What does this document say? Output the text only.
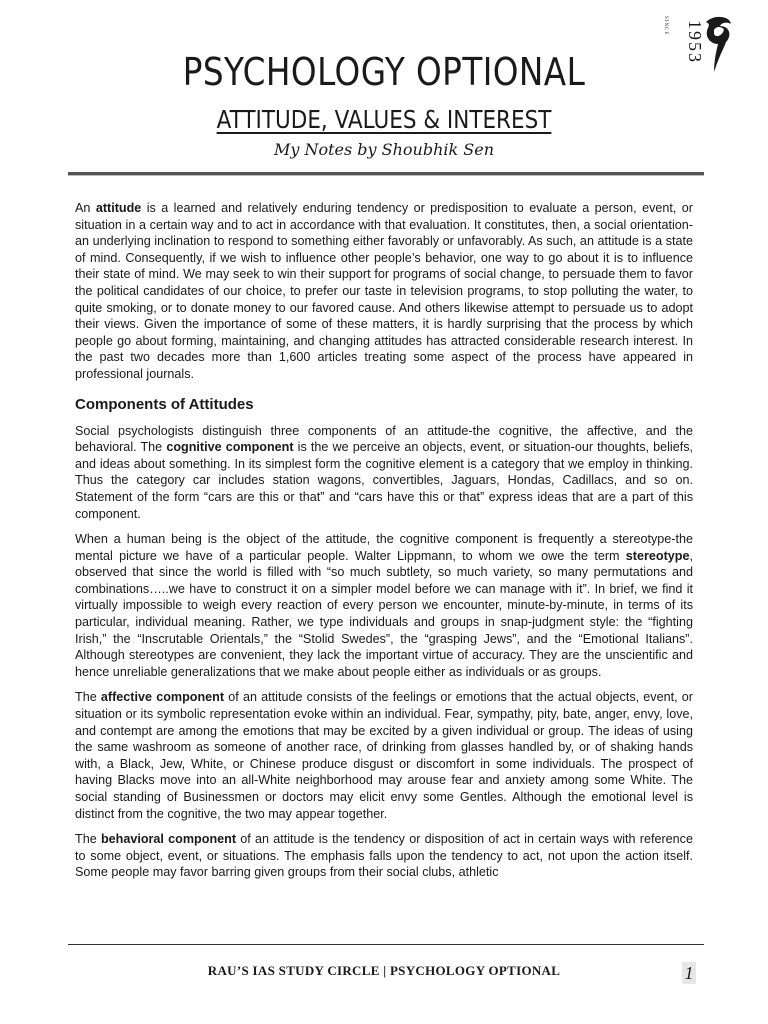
SINCE 1953
PSYCHOLOGY OPTIONAL
ATTITUDE, VALUES & INTEREST
My Notes by Shoubhik Sen

An attitude is a learned and relatively enduring tendency or predisposition to evaluate a person, event, or situation in a certain way and to act in accordance with that evaluation. It constitutes, then, a social orientation-an underlying inclination to respond to something either favorably or unfavorably. As such, an attitude is a state of mind. Consequently, if we wish to influence other people’s behavior, one way to go about it is to influence their state of mind. We may seek to win their support for programs of social change, to persuade them to favor the political candidates of our choice, to prefer our taste in television programs, to stop polluting the water, to quite smoking, or to donate money to our favored cause. And others likewise attempt to persuade us to adopt their views. Given the importance of some of these matters, it is hardly surprising that the process by which people go about forming, maintaining, and changing attitudes has attracted considerable research interest. In the past two decades more than 1,600 articles treating some aspect of the process have appeared in professional journals.

Components of Attitudes

Social psychologists distinguish three components of an attitude-the cognitive, the affective, and the behavioral. The cognitive component is the we perceive an objects, event, or situation-our thoughts, beliefs, and ideas about something. In its simplest form the cognitive element is a category that we employ in thinking. Thus the category car includes station wagons, convertibles, Jaguars, Hondas, Cadillacs, and so on. Statement of the form “cars are this or that” and “cars have this or that” express ideas that are a part of this component.

When a human being is the object of the attitude, the cognitive component is frequently a stereotype-the mental picture we have of a particular people. Walter Lippmann, to whom we owe the term stereotype, observed that since the world is filled with “so much subtlety, so much variety, so many permutations and combinations…..we have to construct it on a simpler model before we can manage with it”. In brief, we find it virtually impossible to weigh every reaction of every person we encounter, minute-by-minute, in terms of its particular, individual meaning. Rather, we type individuals and groups in snap-judgment style: the “fighting Irish,” the “Inscrutable Orientals,” the “Stolid Swedes”, the “grasping Jews”, and the “Emotional Italians”. Although stereotypes are convenient, they lack the important virtue of accuracy. They are the unscientific and hence unreliable generalizations that we make about people either as individuals or as groups.

The affective component of an attitude consists of the feelings or emotions that the actual objects, event, or situation or its symbolic representation evoke within an individual. Fear, sympathy, pity, bate, anger, envy, love, and contempt are among the emotions that may be excited by a given individual or group. The ideas of using the same washroom as someone of another race, of drinking from glasses handled by, or of shaking hands with, a Black, Jew, White, or Chinese produce disgust or discomfort in some individuals. The prospect of having Blacks move into an all-White neighborhood may arouse fear and anxiety among some White. The social standing of Businessmen or doctors may elicit envy some Gentles. Although the emotional level is distinct from the cognitive, the two may appear together.

The behavioral component of an attitude is the tendency or disposition of act in certain ways with reference to some object, event, or situations. The emphasis falls upon the tendency to act, not upon the action itself. Some people may favor barring given groups from their social clubs, athletic

RAU’S IAS STUDY CIRCLE | PSYCHOLOGY OPTIONAL	1
